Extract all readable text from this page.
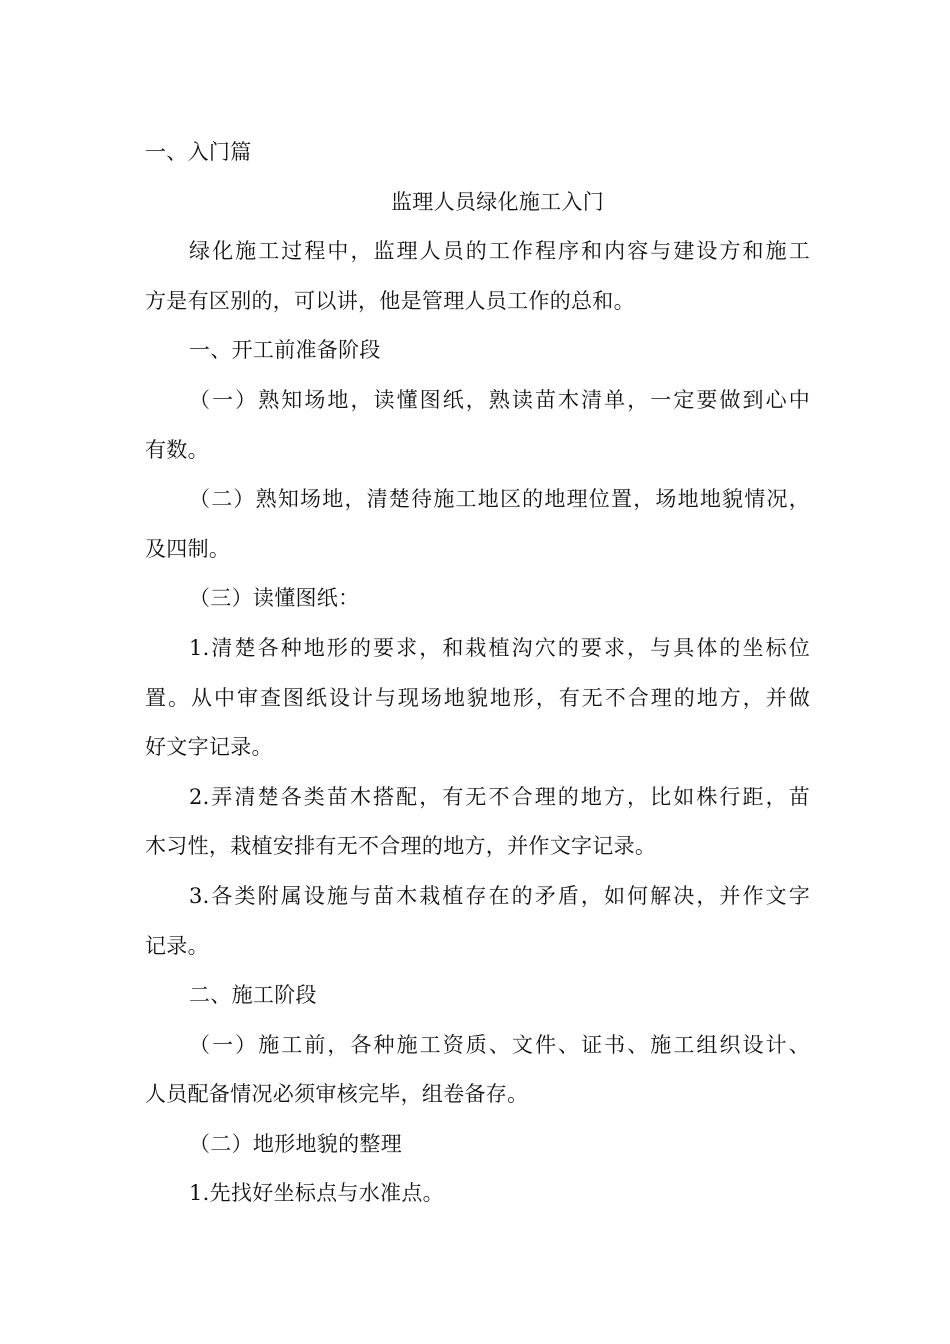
一、入门篇
监理人员绿化施工入门
绿化施工过程中，监理人员的工作程序和内容与建设方和施工
方是有区别的，可以讲，他是管理人员工作的总和。
一、开工前准备阶段
（一）熟知场地，读懂图纸，熟读苗木清单，一定要做到心中
有数。
（二）熟知场地，清楚待施工地区的地理位置，场地地貌情况，
及四制。
（三）读懂图纸：
1.清楚各种地形的要求，和栽植沟穴的要求，与具体的坐标位
置。从中审查图纸设计与现场地貌地形，有无不合理的地方，并做
好文字记录。
2.弄清楚各类苗木搭配，有无不合理的地方，比如株行距，苗
木习性，栽植安排有无不合理的地方，并作文字记录。
3.各类附属设施与苗木栽植存在的矛盾，如何解决，并作文字
记录。
二、施工阶段
（一）施工前，各种施工资质、文件、证书、施工组织设计、
人员配备情况必须审核完毕，组卷备存。
（二）地形地貌的整理
1.先找好坐标点与水准点。
